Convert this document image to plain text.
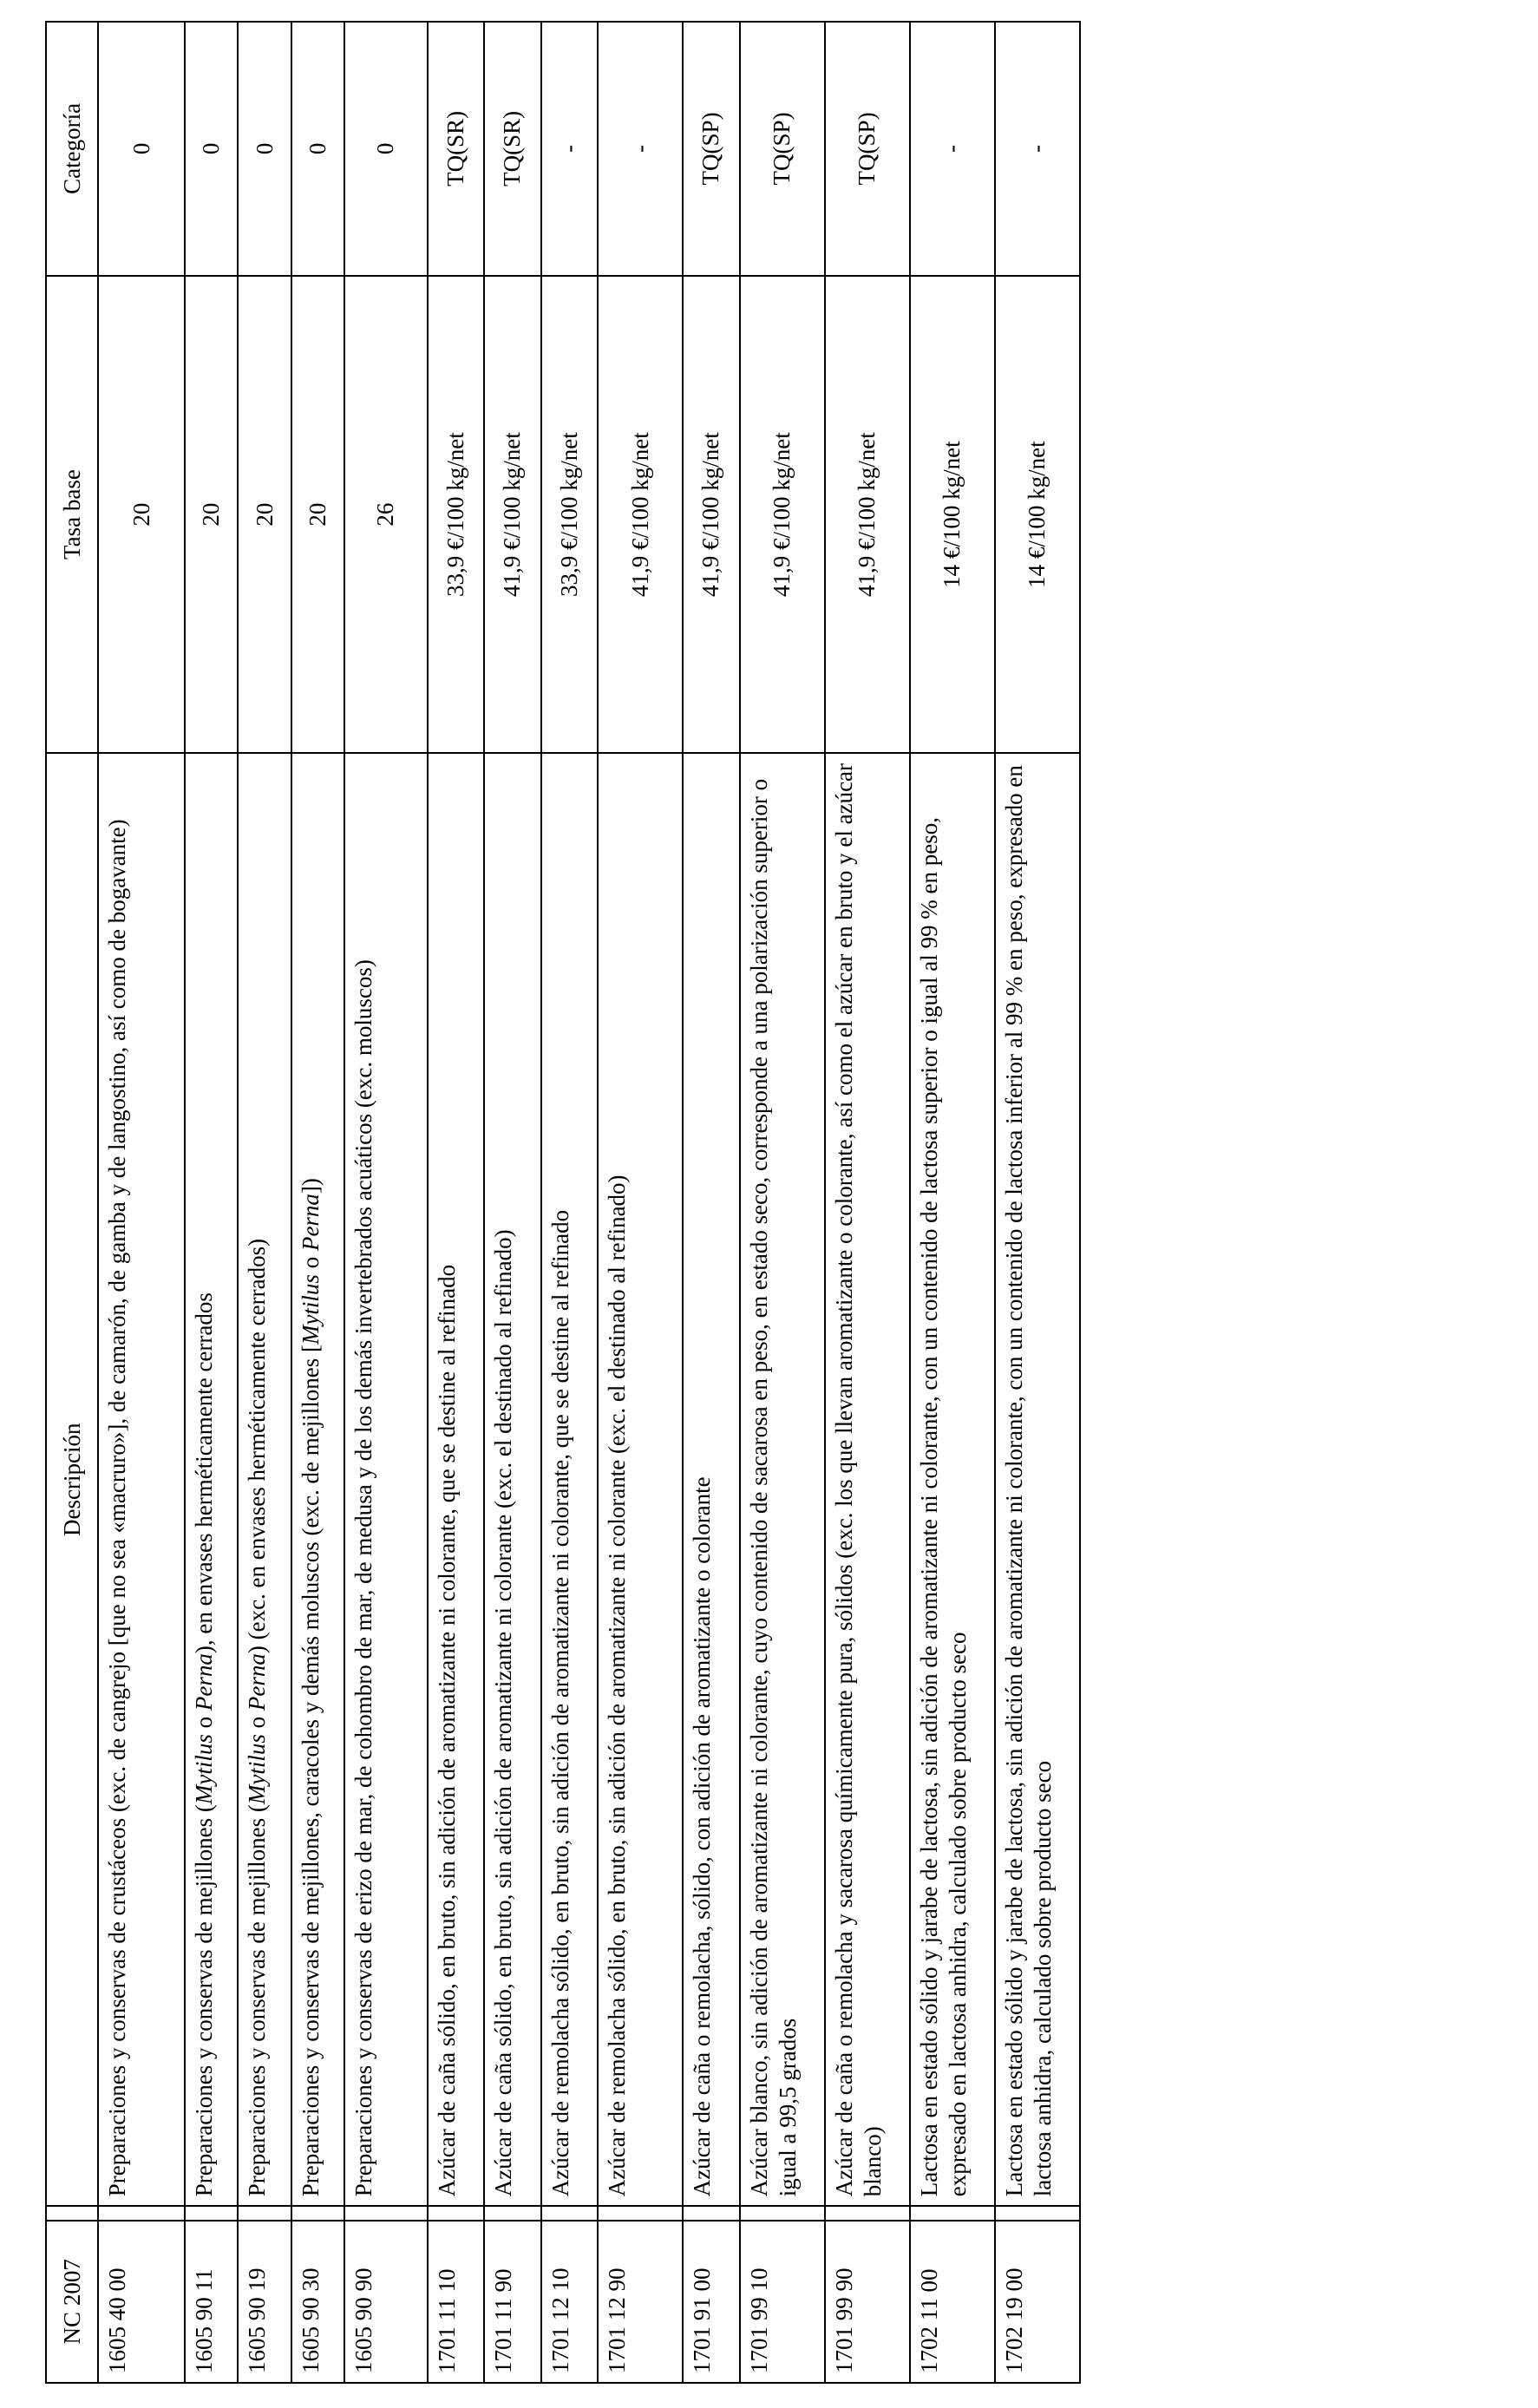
NC 2007		Descripción	Tasa base	Categoría
1605 40 00		Preparaciones y conservas de crustáceos (exc. de cangrejo [que no sea «macruro»], de camarón, de gamba y de langostino, así como de bogavante)	20	0
1605 90 11		Preparaciones y conservas de mejillones (Mytilus o Perna), en envases herméticamente cerrados	20	0
1605 90 19		Preparaciones y conservas de mejillones (Mytilus o Perna) (exc. en envases herméticamente cerrados)	20	0
1605 90 30		Preparaciones y conservas de mejillones, caracoles y demás moluscos (exc. de mejillones [Mytilus o Perna])	20	0
1605 90 90		Preparaciones y conservas de erizo de mar, de cohombro de mar, de medusa y de los demás invertebrados acuáticos (exc. moluscos)	26	0
1701 11 10		Azúcar de caña sólido, en bruto, sin adición de aromatizante ni colorante, que se destine al refinado	33,9 €/100 kg/net	TQ(SR)
1701 11 90		Azúcar de caña sólido, en bruto, sin adición de aromatizante ni colorante (exc. el destinado al refinado)	41,9 €/100 kg/net	TQ(SR)
1701 12 10		Azúcar de remolacha sólido, en bruto, sin adición de aromatizante ni colorante, que se destine al refinado	33,9 €/100 kg/net	-
1701 12 90		Azúcar de remolacha sólido, en bruto, sin adición de aromatizante ni colorante (exc. el destinado al refinado)	41,9 €/100 kg/net	-
1701 91 00		Azúcar de caña o remolacha, sólido, con adición de aromatizante o colorante	41,9 €/100 kg/net	TQ(SP)
1701 99 10		Azúcar blanco, sin adición de aromatizante ni colorante, cuyo contenido de sacarosa en peso, en estado seco, corresponde a una polarización superior o igual a 99,5 grados	41,9 €/100 kg/net	TQ(SP)
1701 99 90		Azúcar de caña o remolacha y sacarosa químicamente pura, sólidos (exc. los que llevan aromatizante o colorante, así como el azúcar en bruto y el azúcar blanco)	41,9 €/100 kg/net	TQ(SP)
1702 11 00		Lactosa en estado sólido y jarabe de lactosa, sin adición de aromatizante ni colorante, con un contenido de lactosa superior o igual al 99 % en peso, expresado en lactosa anhidra, calculado sobre producto seco	14 €/100 kg/net	-
1702 19 00		Lactosa en estado sólido y jarabe de lactosa, sin adición de aromatizante ni colorante, con un contenido de lactosa inferior al 99 % en peso, expresado en lactosa anhidra, calculado sobre producto seco	14 €/100 kg/net	-
